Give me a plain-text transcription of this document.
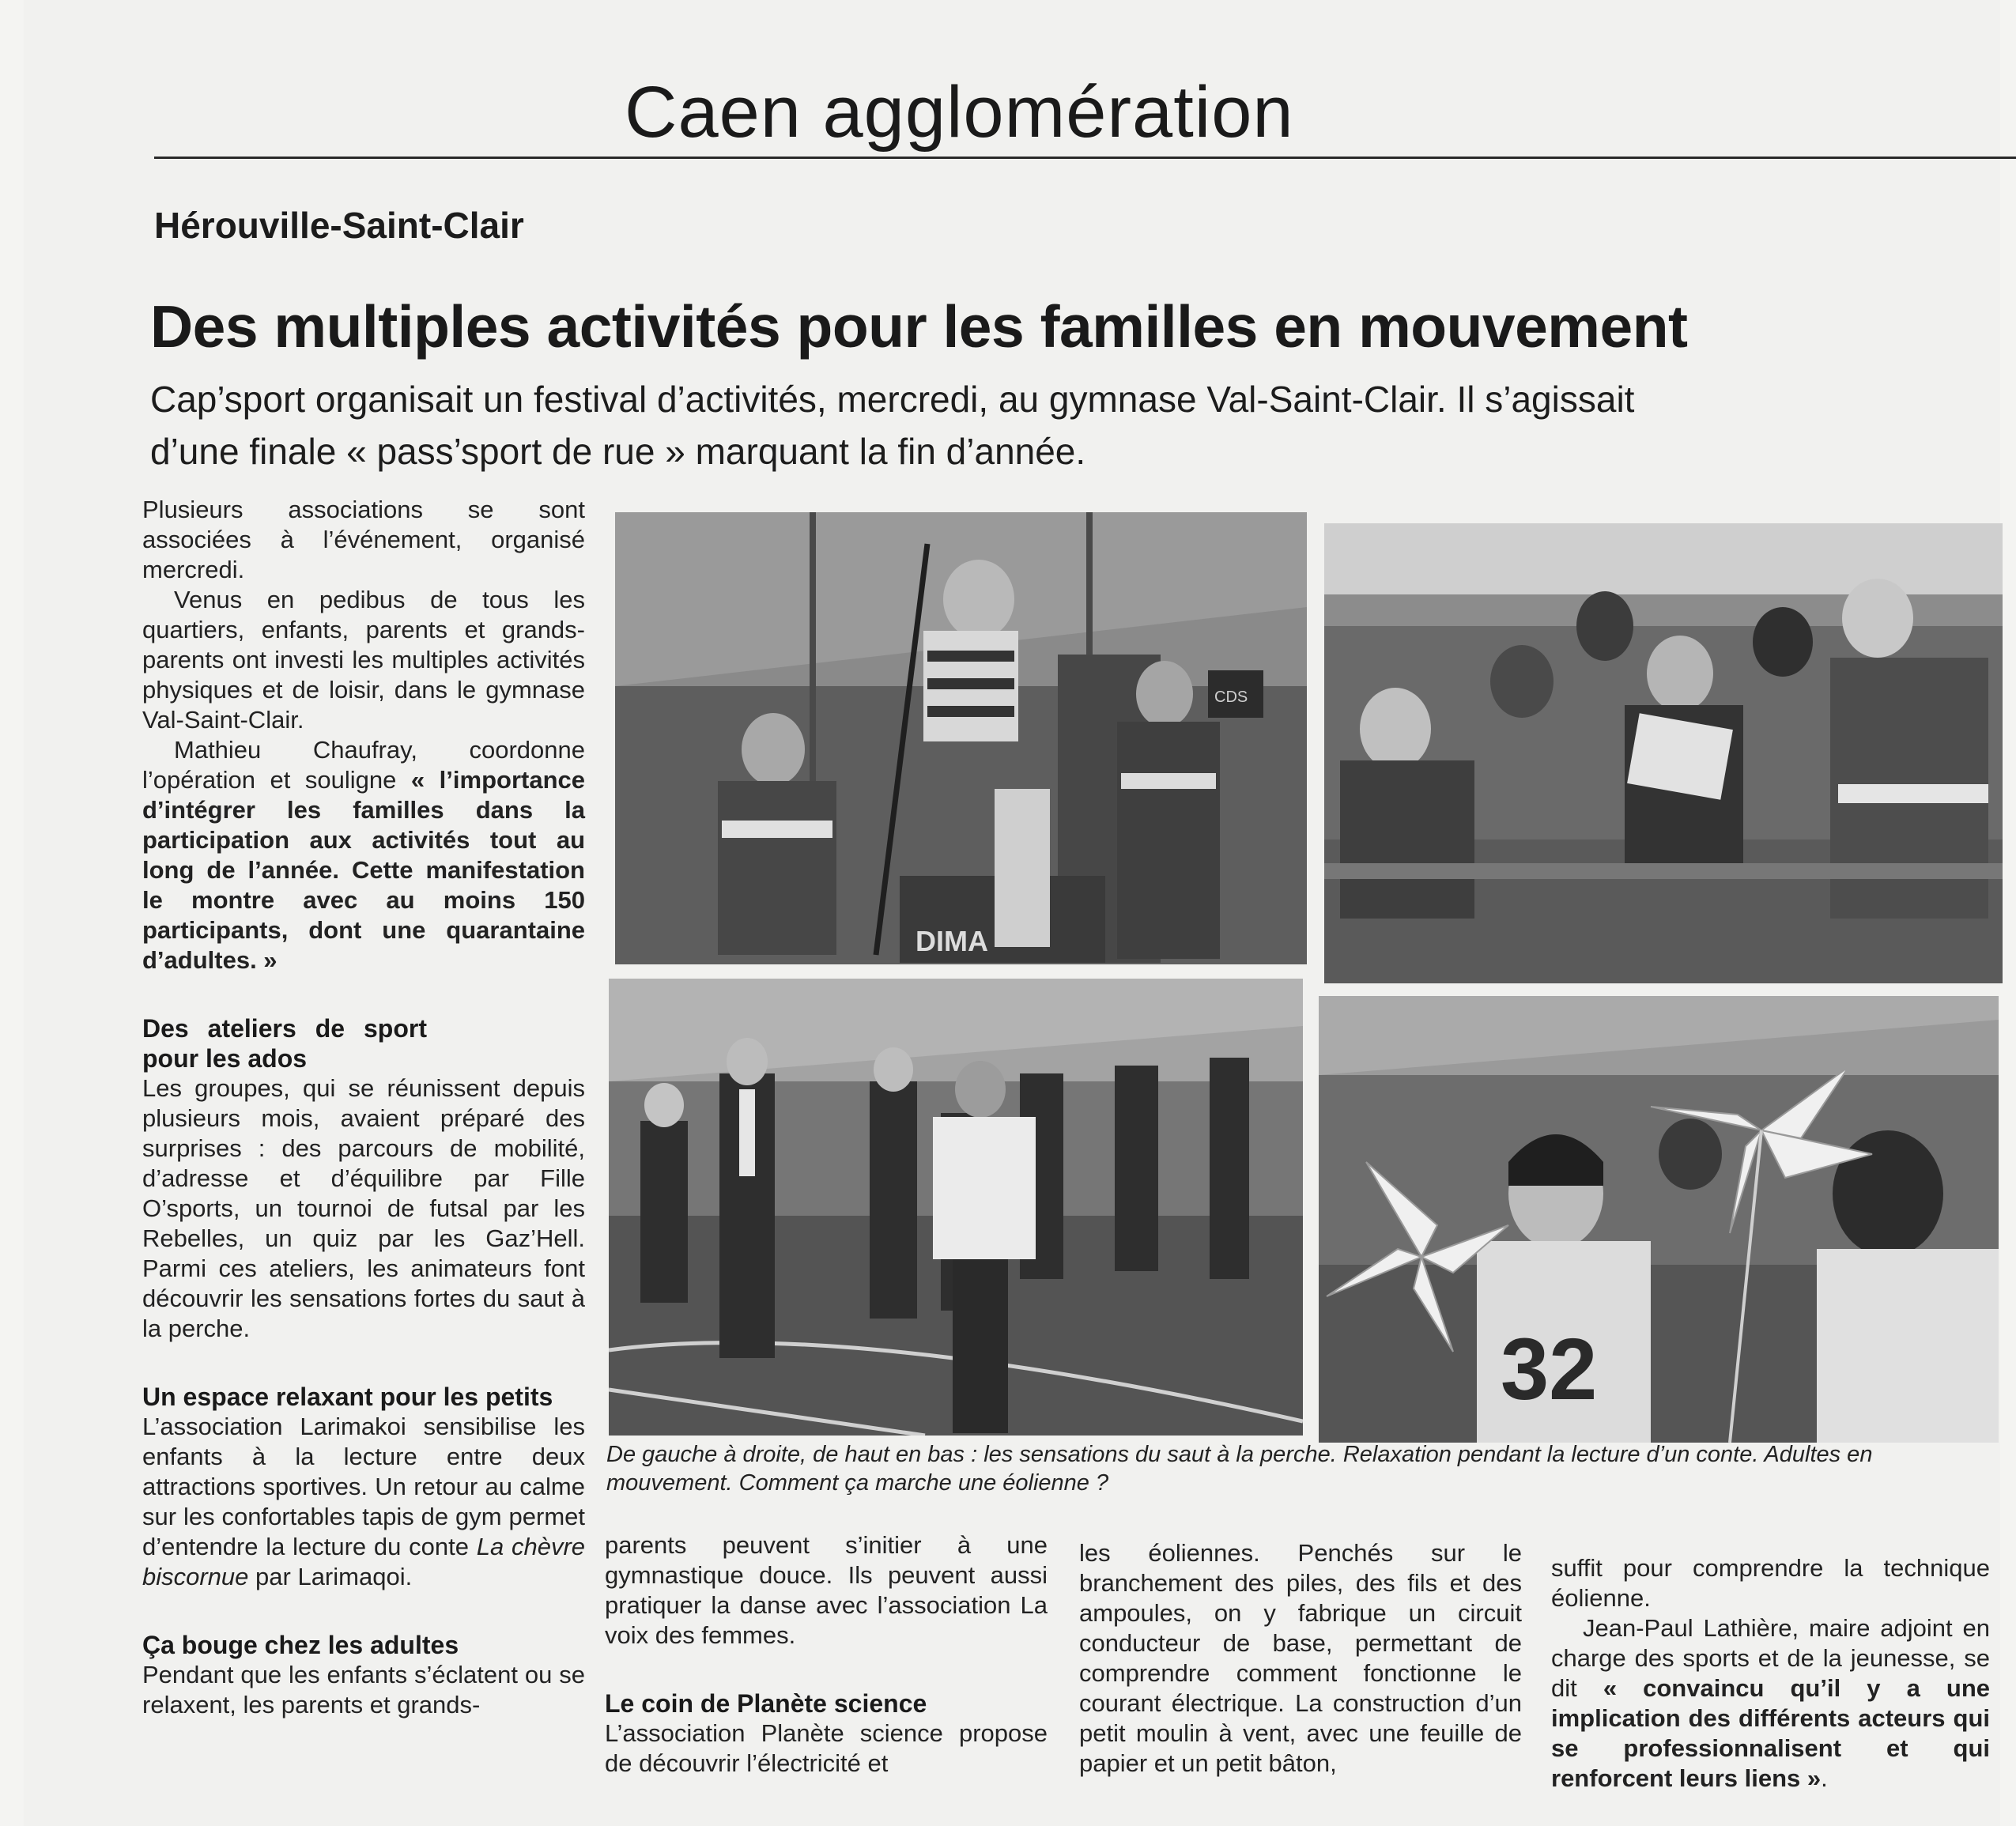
Caen agglomération
Hérouville-Saint-Clair
Des multiples activités pour les familles en mouvement
Cap’sport organisait un festival d’activités, mercredi, au gymnase Val-Saint-Clair. Il s’agissait d’une finale « pass’sport de rue » marquant la fin d’année.

Plusieurs associations se sont associées à l’événement, organisé mercredi.

Venus en pedibus de tous les quartiers, enfants, parents et grands-parents ont investi les multiples activités physiques et de loisir, dans le gymnase Val-Saint-Clair.

Mathieu Chaufray, coordonne l’opération et souligne « l’importance d’intégrer les familles dans la participation aux activités tout au long de l’année. Cette manifestation le montre avec au moins 150 participants, dont une quarantaine d’adultes. »

Des ateliers de sport pour les ados

Les groupes, qui se réunissent depuis plusieurs mois, avaient préparé des surprises : des parcours de mobilité, d’adresse et d’équilibre par Fille O’sports, un tournoi de futsal par les Rebelles, un quiz par les Gaz’Hell. Parmi ces ateliers, les animateurs font découvrir les sensations fortes du saut à la perche.

Un espace relaxant pour les petits

L’association Larimakoi sensibilise les enfants à la lecture entre deux attractions sportives. Un retour au calme sur les confortables tapis de gym permet d’entendre la lecture du conte La chèvre biscornue par Larimaqoi.

Ça bouge chez les adultes

Pendant que les enfants s’éclatent ou se relaxent, les parents et grands-

DIMA
CDS
32
De gauche à droite, de haut en bas : les sensations du saut à la perche. Relaxation pendant la lecture d’un conte. Adultes en mouvement. Comment ça marche une éolienne ?

parents peuvent s’initier à une gymnastique douce. Ils peuvent aussi pratiquer la danse avec l’association La voix des femmes.

Le coin de Planète science

L’association Planète science propose de découvrir l’électricité et

les éoliennes. Penchés sur le branchement des piles, des fils et des ampoules, on y fabrique un circuit conducteur de base, permettant de comprendre comment fonctionne le courant électrique. La construction d’un petit moulin à vent, avec une feuille de papier et un petit bâton,

suffit pour comprendre la technique éolienne.

Jean-Paul Lathière, maire adjoint en charge des sports et de la jeunesse, se dit « convaincu qu’il y a une implication des différents acteurs qui se professionnalisent et qui renforcent leurs liens ».
